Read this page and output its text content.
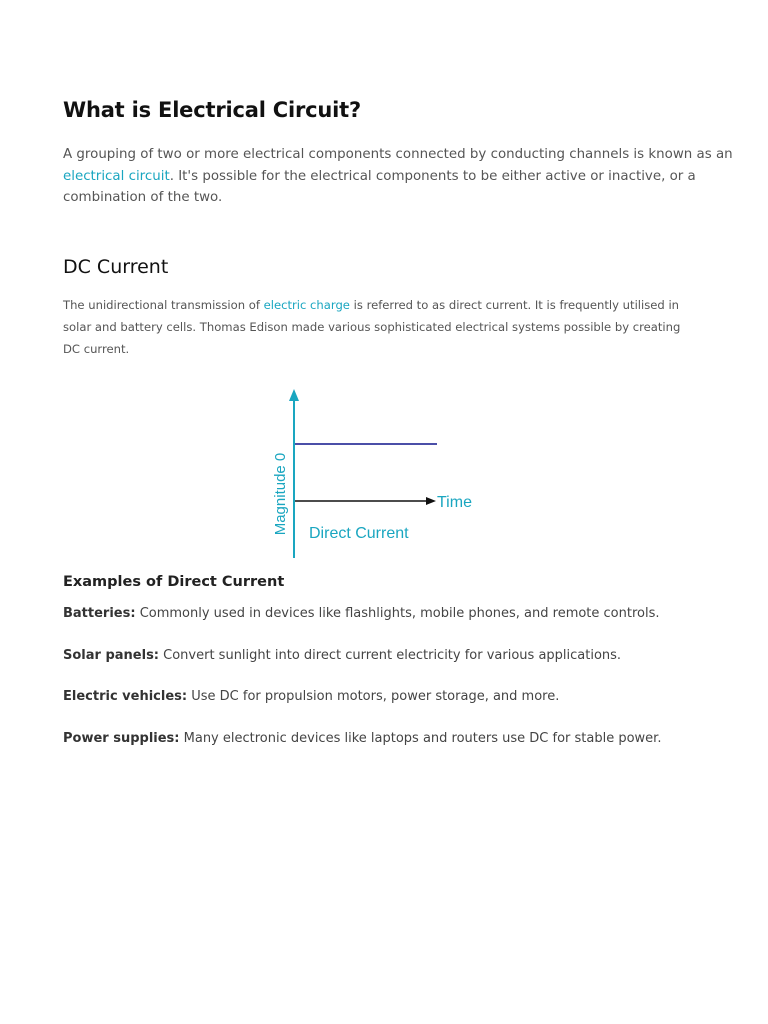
What is Electrical Circuit?

A grouping of two or more electrical components connected by conducting channels is known as an electrical circuit. It's possible for the electrical components to be either active or inactive, or a combination of the two.

DC Current

The unidirectional transmission of electric charge is referred to as direct current. It is frequently utilised in solar and battery cells. Thomas Edison made various sophisticated electrical systems possible by creating DC current.

Magnitude 0	Time
Direct Current
Examples of Direct Current

Batteries: Commonly used in devices like flashlights, mobile phones, and remote controls.

Solar panels: Convert sunlight into direct current electricity for various applications.

Electric vehicles: Use DC for propulsion motors, power storage, and more.

Power supplies: Many electronic devices like laptops and routers use DC for stable power.
